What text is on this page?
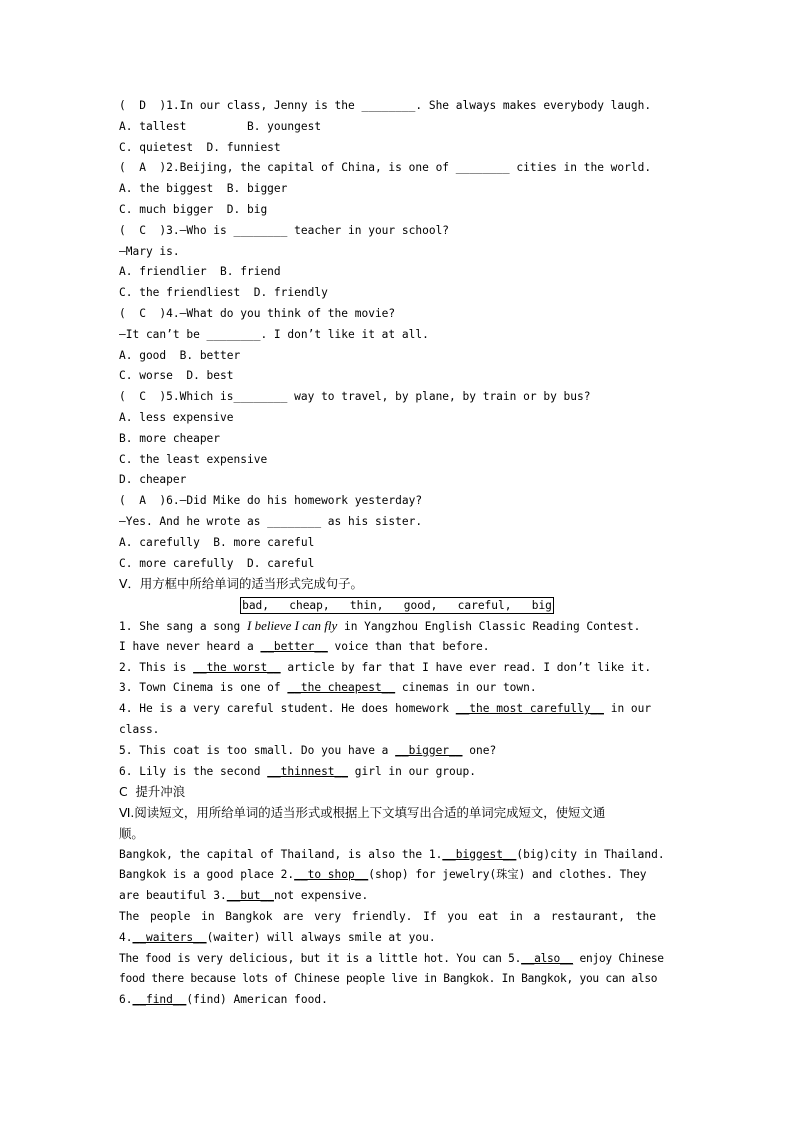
(  D  )1.In our class, Jenny is the ________. She always makes everybody laugh.
A. tallest         B. youngest
C. quietest  D. funniest
(  A  )2.Beijing, the capital of China, is one of ________ cities in the world.
A. the biggest  B. bigger
C. much bigger  D. big
(  C  )3.—Who is ________ teacher in your school?
—Mary is.
A. friendlier  B. friend
C. the friendliest  D. friendly
(  C  )4.—What do you think of the movie?
—It can’t be ________. I don’t like it at all.
A. good  B. better
C. worse  D. best
(  C  )5.Which is________ way to travel, by plane, by train or by bus?
A. less expensive
B. more cheaper
C. the least expensive
D. cheaper
(  A  )6.—Did Mike do his homework yesterday?
—Yes. And he wrote as ________ as his sister.
A. carefully  B. more careful
C. more carefully  D. careful
V．用方框中所给单词的适当形式完成句子。
bad,   cheap,   thin,   good,   careful,   big
1. She sang a song I believe I can fly in Yangzhou English Classic Reading Contest.
I have never heard a __better__ voice than that before.
2. This is __the worst__ article by far that I have ever read. I don’t like it.
3. Town Cinema is one of __the cheapest__ cinemas in our town.
4. He is a very careful student. He does homework __the most carefully__ in our
class.
5. This coat is too small. Do you have a __bigger__ one?
6. Lily is the second __thinnest__ girl in our group.
C  提升冲浪
Ⅵ.阅读短文，用所给单词的适当形式或根据上下文填写出合适的单词完成短文，使短文通
顺。
Bangkok, the capital of Thailand, is also the 1.__biggest__(big)city in Thailand.
Bangkok is a good place 2.__to shop__(shop) for jewelry(珠宝) and clothes. They
are beautiful 3.__but__not expensive.
The people in Bangkok are very friendly. If you eat in a restaurant, the
4.__waiters__(waiter) will always smile at you.
The food is very delicious, but it is a little hot. You can 5.__also__ enjoy Chinese
food there because lots of Chinese people live in Bangkok. In Bangkok, you can also
6.__find__(find) American food.
